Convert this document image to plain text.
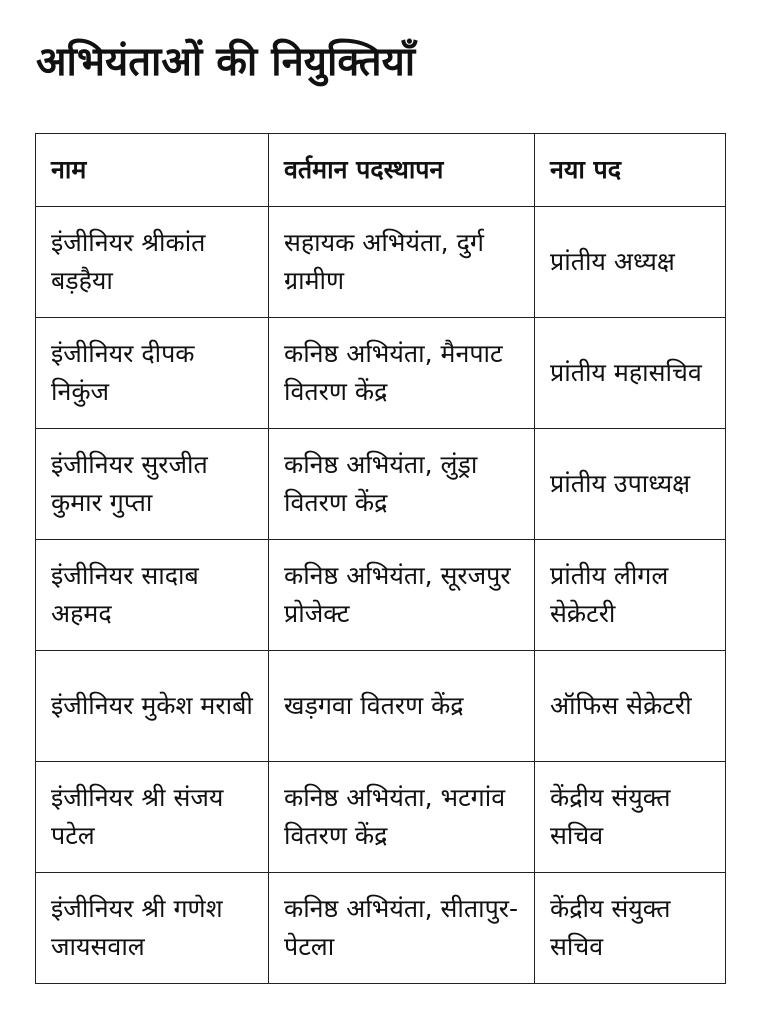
अभियंताओं की नियुक्तियाँ
नाम	वर्तमान पदस्थापन	नया पद
इंजीनियर श्रीकांत बड़हैया	सहायक अभियंता, दुर्ग ग्रामीण	प्रांतीय अध्यक्ष
इंजीनियर दीपक निकुंज	कनिष्ठ अभियंता, मैनपाट वितरण केंद्र	प्रांतीय महासचिव
इंजीनियर सुरजीत कुमार गुप्ता	कनिष्ठ अभियंता, लुंड्रा वितरण केंद्र	प्रांतीय उपाध्यक्ष
इंजीनियर सादाब अहमद	कनिष्ठ अभियंता, सूरजपुर प्रोजेक्ट	प्रांतीय लीगल सेक्रेटरी
इंजीनियर मुकेश मराबी	खड़गवा वितरण केंद्र	ऑफिस सेक्रेटरी
इंजीनियर श्री संजय पटेल	कनिष्ठ अभियंता, भटगांव वितरण केंद्र	केंद्रीय संयुक्त सचिव
इंजीनियर श्री गणेश जायसवाल	कनिष्ठ अभियंता, सीतापुर-पेटला	केंद्रीय संयुक्त सचिव
